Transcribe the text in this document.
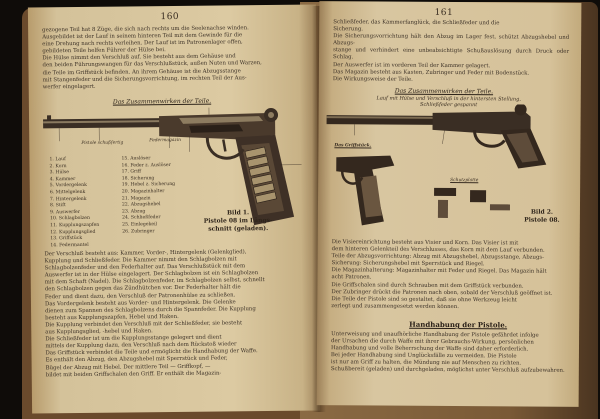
160
gezogene Teil hat 8 Züge, die sich nach rechts um die Seelenachse winden.
Ausgebildet ist der Lauf in seinem hinteren Teil mit dem Gewinde für die
eine Drehung nach rechts verleihen. Der Lauf ist im Patronenlager offen,
gebildeten Teile helfen Führer der Hülse bei.
Die Hülse nimmt den Verschluß auf. Sie besteht aus dem Gehäuse und
den beiden Führungswangen für das Verschlußstück, außen Nuten und Warzen,
die Teile im Griffstück befinden. An ihrem Gehäuse ist die Abzugsstange
mit Stangenfeder und die Sicherungsvorrichtung, im rechten Teil der Aus-
werfer eingelagert.
Das Zusammenwirken der Teile.
Federmagazin
Pistole schußfertig
1. Lauf
2. Korn
3. Hülse
4. Kammer
5. Vordergelenk
6. Mittelgelenk
7. Hintergelenk
8. Stift
9. Auswerfer
10. Schlagbolzen
11. Kupplungszapfen
12. Kupplungsglied
13. Griffstück
14. Federmantel
15. Auslöser
16. Feder z. Auslöser
17. Griff
18. Sicherung
19. Hebel z. Sicherung
20. Magazinhalter
21. Magazin
22. Abzugshebel
23. Abzug
24. Schließfeder
25. Einlegekeil
26. Zubringer
Bild 1.
Pistole 08 im Längs-
schnitt (geladen).
Der Verschluß besteht aus: Kammer, Vorder-, Hintergelenk (Gelenkglied),
Kupplung und Schließfeder. Die Kammer nimmt den Schlagbolzen mit
Schlagbolzenfeder und den Federhalter auf. Das Verschlußstück mit dem
Auswerfer ist in der Hülse eingelagert. Der Schlagbolzen ist ein Schlagbolzen
mit dem Schaft (Nadel). Die Schlagbolzenfeder, im Schlagbolzen selbst, schnellt
den Schlagbolzen gegen das Zündhütchen vor. Der Federhalter hält die
Feder und dient dazu, den Verschluß der Patronenhülse zu schließen.
Das Vordergelenk besteht aus Vorder- und Hintergelenk. Die Gelenke
dienen zum Spannen des Schlagbolzens durch die Spannfeder. Die Kupplung
besteht aus Kupplungszapfen, Hebel und Haken.
Die Kupplung verbindet den Verschluß mit der Schließfeder, sie besteht
aus Kupplungsglied, -hebel und Haken.
Die Schließfeder ist um die Kupplungsstange gelegert und dient
mittels der Kupplung dazu, den Verschluß nach dem Rückstoß wieder
Das Griffstück verbindet die Teile und ermöglicht die Handhabung der Waffe.
Es enthält den Abzug, den Abzugshebel mit Sperrstück und Feder,
Bügel der Abzug mit Hebel. Der mittlere Teil — Griffkopf, —
bildet mit beiden Griffschalen den Griff. Er enthält die Magazin-
161
Schließfeder, das Kammerfanglück, die Schließfeder und die
Sicherung.
Die Sicherungsvorrichtung hält den Abzug im Lager fest, schützt Abzugshebel und Abzugs-
stange und verhindert eine unbeabsichtigte Schußauslösung durch Druck oder Schlag.
Der Auswerfer ist im vorderen Teil der Kammer gelagert.
Das Magazin besteht aus Kasten, Zubringer und Feder mit Bodenstück.
Die Wirkungsweise der Teile.
Das Zusammenwirken der Teile.
Lauf mit Hülse und Verschluß in der hintersten Stellung,
Schließfeder gespannt
Das Griffstück.
Schutzplatte
Bild 2.
Pistole 08.
Die Visiereinrichtung besteht aus Visier und Korn. Das Visier ist mit
dem hinteren Gelenkteil des Verschlusses, das Korn mit dem Lauf verbunden.
Teile der Abzugsvorrichtung: Abzug mit Abzugshebel, Abzugsstange, Abzugs-
Sicherung: Sicherungshebel mit Sperrstück und Riegel.
Die Magazinhalterung: Magazinhalter mit Feder und Riegel. Das Magazin hält
acht Patronen.
Die Griffschalen sind durch Schrauben mit dem Griffstück verbunden.
Der Zubringer drückt die Patronen nach oben, sobald der Verschluß geöffnet ist.
Die Teile der Pistole sind so gestaltet, daß sie ohne Werkzeug leicht
zerlegt und zusammengesetzt werden können.
Handhabung der Pistole.
Unterweisung und unaufhörliche Handhabung der Pistole gefährdet infolge
der Ursachen die durch Waffe mit ihrer Gebrauchs-Wirkung, persönlichen
Handhabung und volle Beherrschung der Waffe sind daher erforderlich.
Bei jeder Handhabung sind Unglücksfälle zu vermeiden. Die Pistole
ist nur am Griff zu halten, die Mündung nie auf Menschen zu richten.
Schußbereit (geladen) und durchgeladen, möglichst unter Verschluß aufzubewahren.
